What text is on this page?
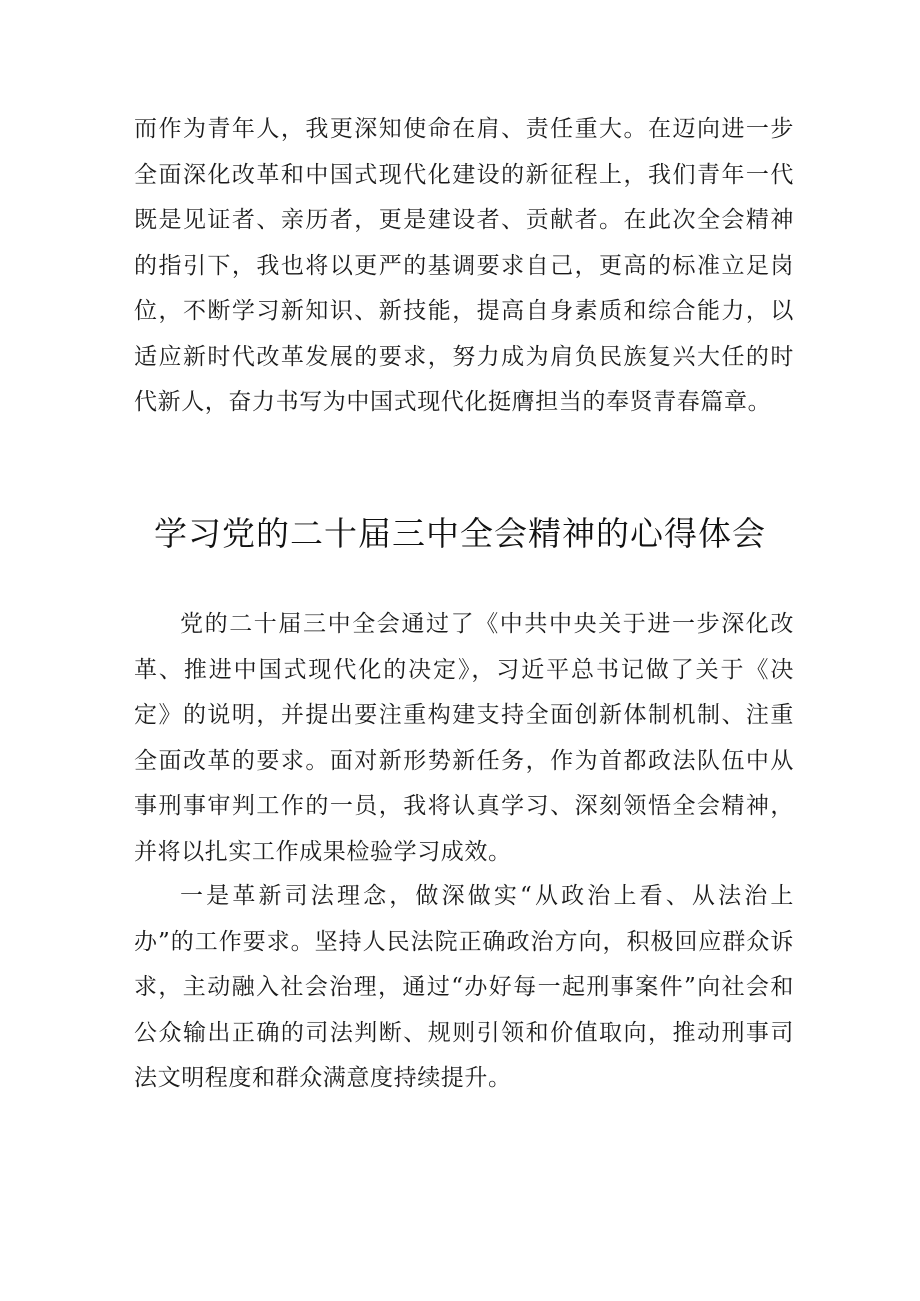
而作为青年人，我更深知使命在肩、责任重大。在迈向进一步全面深化改革和中国式现代化建设的新征程上，我们青年一代既是见证者、亲历者，更是建设者、贡献者。在此次全会精神的指引下，我也将以更严的基调要求自己，更高的标准立足岗位，不断学习新知识、新技能，提高自身素质和综合能力，以适应新时代改革发展的要求，努力成为肩负民族复兴大任的时代新人，奋力书写为中国式现代化挺膺担当的奉贤青春篇章。

学习党的二十届三中全会精神的心得体会

党的二十届三中全会通过了《中共中央关于进一步深化改革、推进中国式现代化的决定》，习近平总书记做了关于《决定》的说明，并提出要注重构建支持全面创新体制机制、注重全面改革的要求。面对新形势新任务，作为首都政法队伍中从事刑事审判工作的一员，我将认真学习、深刻领悟全会精神，并将以扎实工作成果检验学习成效。

一是革新司法理念，做深做实“从政治上看、从法治上办”的工作要求。坚持人民法院正确政治方向，积极回应群众诉求，主动融入社会治理，通过“办好每一起刑事案件”向社会和公众输出正确的司法判断、规则引领和价值取向，推动刑事司法文明程度和群众满意度持续提升。
